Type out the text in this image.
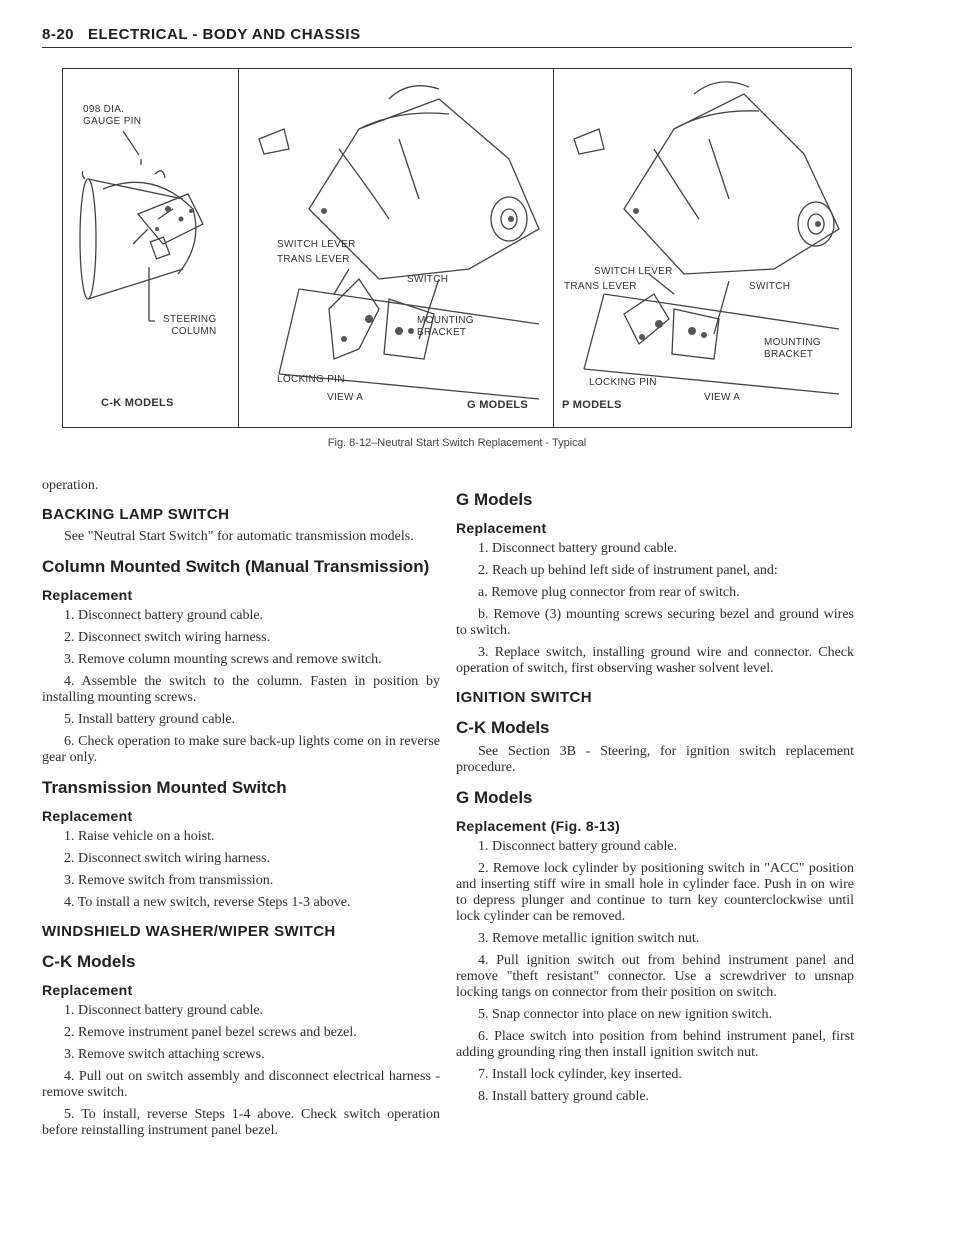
8-20 ELECTRICAL - BODY AND CHASSIS
098 DIA.
GAUGE PIN
STEERING
COLUMN
C-K MODELS
SWITCH LEVER
TRANS LEVER
SWITCH
MOUNTING
BRACKET
LOCKING PIN
VIEW A
G MODELS
SWITCH LEVER
TRANS LEVER	SWITCH
MOUNTING
BRACKET
LOCKING PIN
VIEW A
P MODELS
Fig. 8-12–Neutral Start Switch Replacement - Typical
operation.
BACKING LAMP SWITCH
See "Neutral Start Switch" for automatic transmission models.
Column Mounted Switch (Manual Transmission)
Replacement
1. Disconnect battery ground cable.
2. Disconnect switch wiring harness.
3. Remove column mounting screws and remove switch.
4. Assemble the switch to the column. Fasten in position by installing mounting screws.
5. Install battery ground cable.
6. Check operation to make sure back-up lights come on in reverse gear only.
Transmission Mounted Switch
Replacement
1. Raise vehicle on a hoist.
2. Disconnect switch wiring harness.
3. Remove switch from transmission.
4. To install a new switch, reverse Steps 1-3 above.
WINDSHIELD WASHER/WIPER SWITCH
C-K Models
Replacement
1. Disconnect battery ground cable.
2. Remove instrument panel bezel screws and bezel.
3. Remove switch attaching screws.
4. Pull out on switch assembly and disconnect electrical harness - remove switch.
5. To install, reverse Steps 1-4 above. Check switch operation before reinstalling instrument panel bezel.
G Models
Replacement
1. Disconnect battery ground cable.
2. Reach up behind left side of instrument panel, and:
a. Remove plug connector from rear of switch.
b. Remove (3) mounting screws securing bezel and ground wires to switch.
3. Replace switch, installing ground wire and connector. Check operation of switch, first observing washer solvent level.
IGNITION SWITCH
C-K Models
See Section 3B - Steering, for ignition switch replacement procedure.
G Models
Replacement (Fig. 8-13)
1. Disconnect battery ground cable.
2. Remove lock cylinder by positioning switch in "ACC" position and inserting stiff wire in small hole in cylinder face. Push in on wire to depress plunger and continue to turn key counterclockwise until lock cylinder can be removed.
3. Remove metallic ignition switch nut.
4. Pull ignition switch out from behind instrument panel and remove "theft resistant" connector. Use a screwdriver to unsnap locking tangs on connector from their position on switch.
5. Snap connector into place on new ignition switch.
6. Place switch into position from behind instrument panel, first adding grounding ring then install ignition switch nut.
7. Install lock cylinder, key inserted.
8. Install battery ground cable.
